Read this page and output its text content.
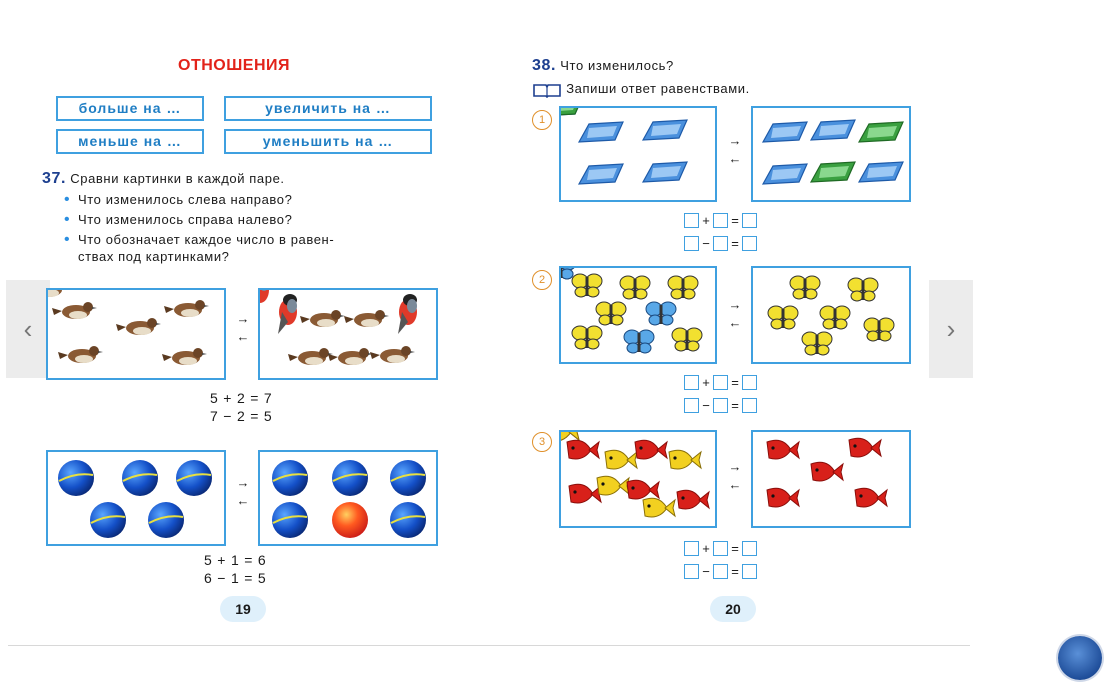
‹	›
ОТНОШЕНИЯ
больше на …	увеличить на …
меньше на …	уменьшить на …
37. Сравни картинки в каждой паре.
• Что изменилось слева направо?
• Что изменилось справа налево?
• Что обозначает каждое число в равен-
ствах под картинками?
→
←
5 + 2 = 7
7 − 2 = 5
→
←
5 + 1 = 6
6 − 1 = 5
19
38. Что изменилось?
Запиши ответ равенствами.
1
→
←
+ =
− =
2
→
←
+ =
− =
3
→
←
+ =
− =
20
